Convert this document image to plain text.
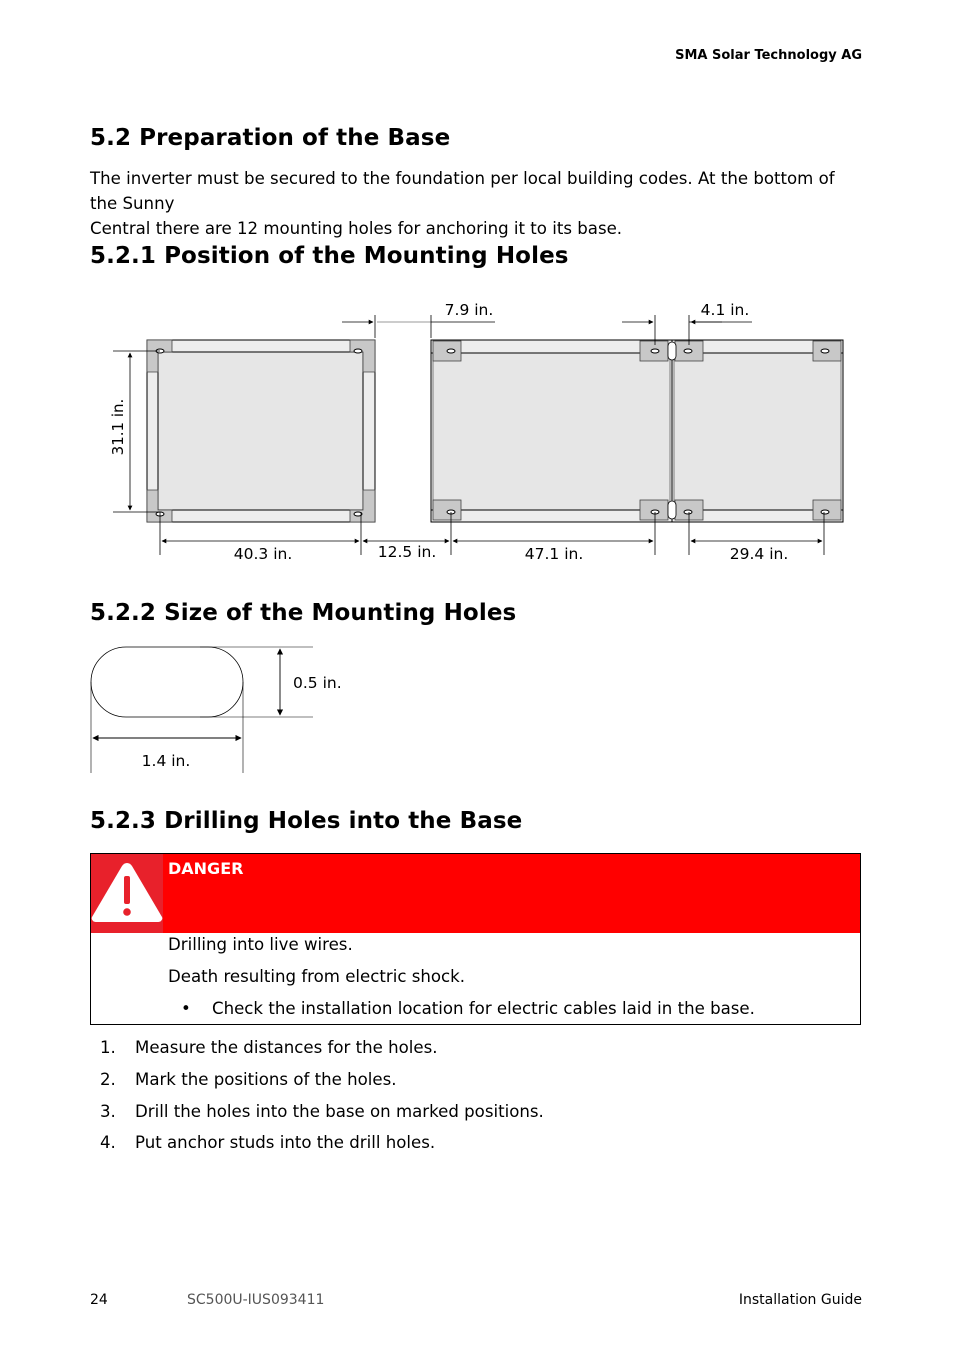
SMA Solar Technology AG
5.2 Preparation of the Base
The inverter must be secured to the foundation per local building codes. At the bottom of the Sunny
Central there are 12 mounting holes for anchoring it to its base.
5.2.1 Position of the Mounting Holes
31.1 in.
40.3 in.	12.5 in.	47.1 in.	29.4 in.
7.9 in.	4.1 in.
5.2.2 Size of the Mounting Holes
0.5 in.
1.4 in.
5.2.3 Drilling Holes into the Base
DANGER
Drilling into live wires.
Death resulting from electric shock.
• Check the installation location for electric cables laid in the base.
1. Measure the distances for the holes.
2. Mark the positions of the holes.
3. Drill the holes into the base on marked positions.
4. Put anchor studs into the drill holes.
24	SC500U-IUS093411	Installation Guide
